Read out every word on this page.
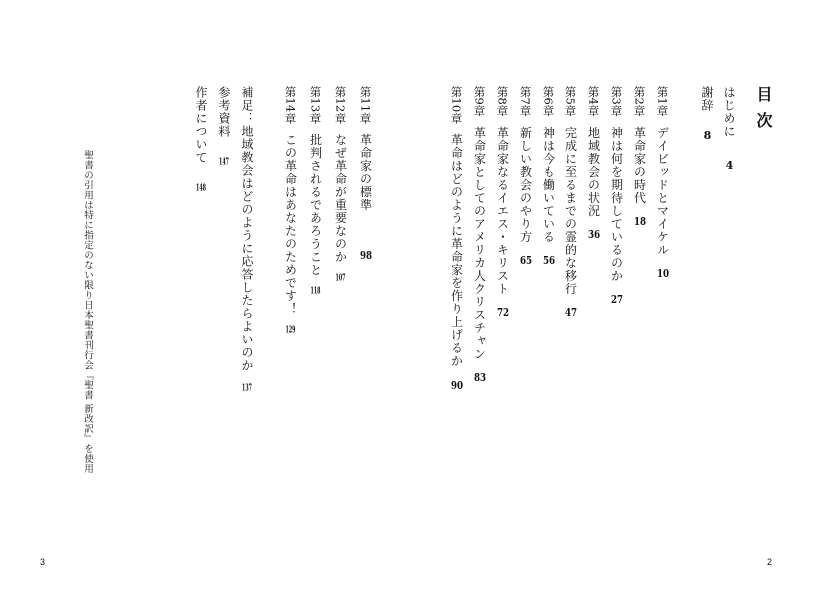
目次
はじめに4
謝辞8
第1章デイビッドとマイケル10
第2章革命家の時代18
第3章神は何を期待しているのか27
第4章地域教会の状況36
第5章完成に至るまでの霊的な移行47
第6章神は今も働いている56
第7章新しい教会のやり方65
第8章革命家なるイエス・キリスト72
第9章革命家としてのアメリカ人クリスチャン83
第10章革命はどのように革命家を作り上げるか90
第11章革命家の標準98
第12章なぜ革命が重要なのか107
第13章批判されるであろうこと118
第14章この革命はあなたのためです！129
補足：地域教会はどのように応答したらよいのか137
参考資料147
作者について148
聖書の引用は特に指定のない限り日本聖書刊行会『聖書 新改訳』を使用
3	2
